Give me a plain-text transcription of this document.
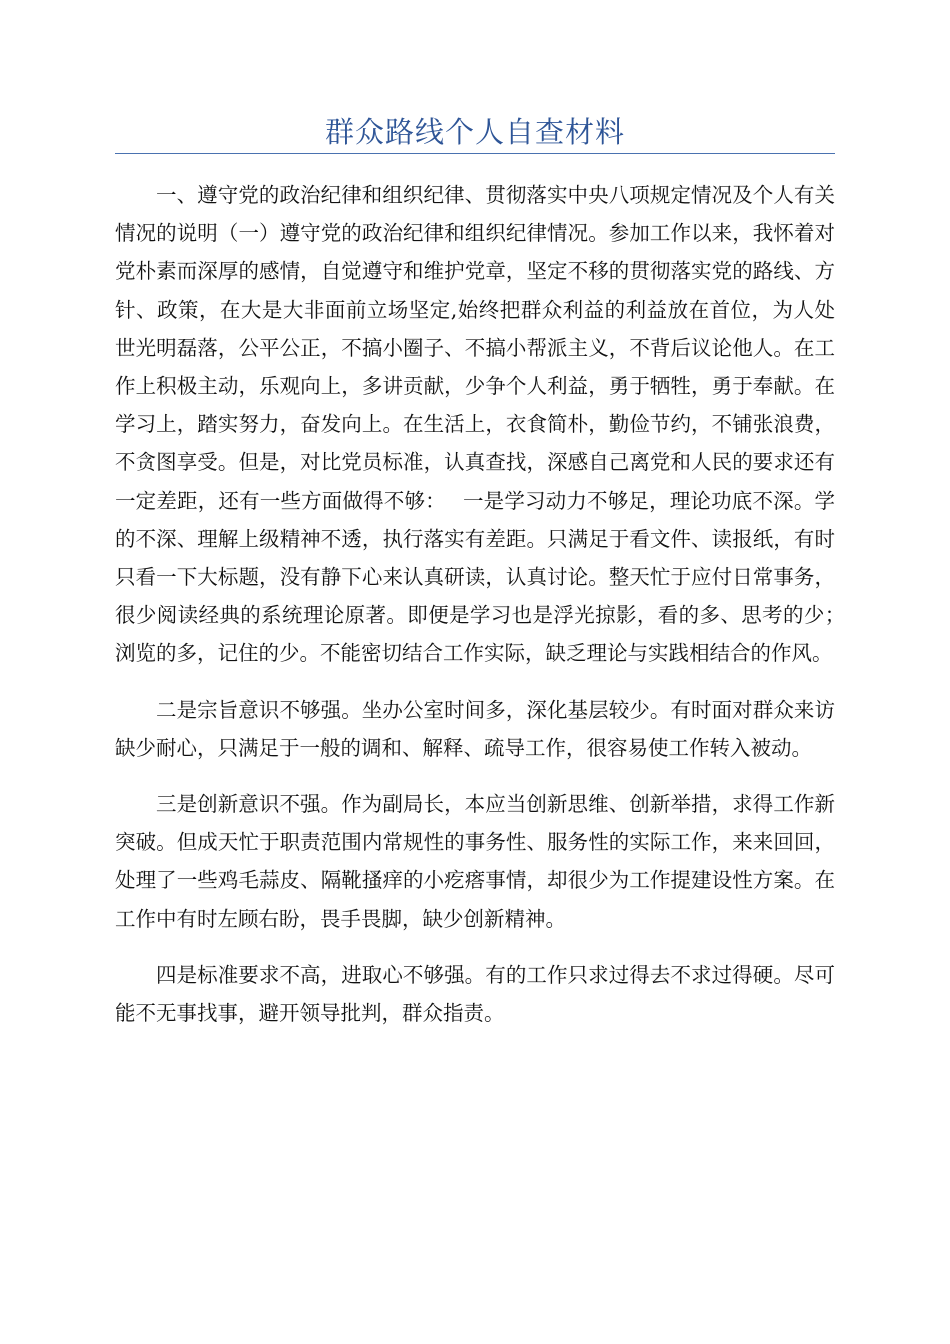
群众路线个人自查材料

一、遵守党的政治纪律和组织纪律、贯彻落实中央八项规定情况及个人有关情况的说明（一）遵守党的政治纪律和组织纪律情况。参加工作以来，我怀着对党朴素而深厚的感情，自觉遵守和维护党章，坚定不移的贯彻落实党的路线、方针、政策，在大是大非面前立场坚定,始终把群众利益的利益放在首位，为人处世光明磊落，公平公正，不搞小圈子、不搞小帮派主义，不背后议论他人。在工作上积极主动，乐观向上，多讲贡献，少争个人利益，勇于牺牲，勇于奉献。在学习上，踏实努力，奋发向上。在生活上，衣食简朴，勤俭节约，不铺张浪费，不贪图享受。但是，对比党员标准，认真查找，深感自己离党和人民的要求还有一定差距，还有一些方面做得不够：　 一是学习动力不够足，理论功底不深。学的不深、理解上级精神不透，执行落实有差距。只满足于看文件、读报纸，有时只看一下大标题，没有静下心来认真研读，认真讨论。整天忙于应付日常事务，很少阅读经典的系统理论原著。即便是学习也是浮光掠影，看的多、思考的少；　 浏览的多，记住的少。不能密切结合工作实际，缺乏理论与实践相结合的作风。

二是宗旨意识不够强。坐办公室时间多，深化基层较少。有时面对群众来访缺少耐心，只满足于一般的调和、解释、疏导工作，很容易使工作转入被动。

三是创新意识不强。作为副局长，本应当创新思维、创新举措，求得工作新突破。但成天忙于职责范围内常规性的事务性、服务性的实际工作，来来回回，处理了一些鸡毛蒜皮、隔靴搔痒的小疙瘩事情，却很少为工作提建设性方案。在工作中有时左顾右盼，畏手畏脚，缺少创新精神。

四是标准要求不高，进取心不够强。有的工作只求过得去不求过得硬。尽可能不无事找事，避开领导批判，群众指责。
